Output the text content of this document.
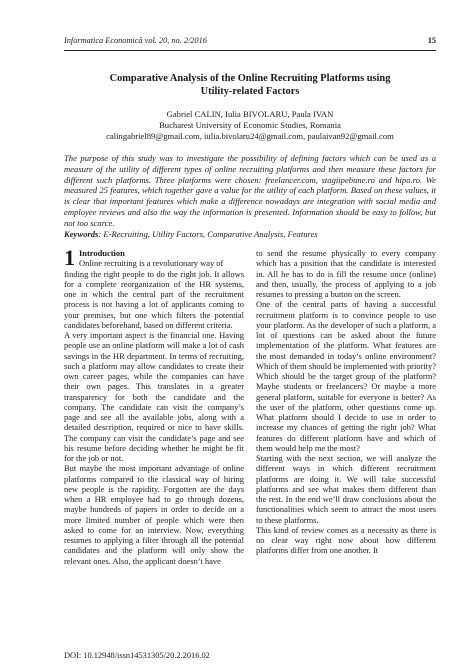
Informatica Economică vol. 20, no. 2/2016	15
Comparative Analysis of the Online Recruiting Platforms using
Utility-related Factors
Gabriel CALIN, Iulia BIVOLARU, Paula IVAN
Bucharest University of Economic Studies, Romania
calingabriel89@gmail.com, iulia.bivolaru24@gmail.com, paulaivan92@gmail.com

The purpose of this study was to investigate the possibility of defining factors which can be used as a measure of the utility of different types of online recruiting platforms and then measure these factors for different such platforms. Three platforms were chosen: freelancer.com, stagiipebune.ro and hipo.ro. We measured 25 features, which together gave a value for the utility of each platform. Based on these values, it is clear that important features which make a difference nowadays are integration with social media and employee reviews and also the way the information is presented. Information should be easy to follow, but not too scarce.

Keywords: E-Recruiting, Utility Factors, Comparative Analysis, Features

1 Introduction
Online recruiting is a revolutionary way of

finding the right people to do the right job. It allows for a complete reorganization of the HR systems, one in which the central part of the recruitment process is not having a lot of applicants coming to your premises, but one which filters the potential candidates beforehand, based on different criteria.

A very important aspect is the financial one. Having people use an online platform will make a lot of cash savings in the HR department. In terms of recruiting, such a platform may allow candidates to create their own career pages, while the companies can have their own pages. This translates in a greater transparency for both the candidate and the company. The candidate can visit the company’s page and see all the available jobs, along with a detailed description, required or nice to have skills. The company can visit the candidate’s page and see his resume before deciding whether he might be fit for the job or not.

But maybe the most important advantage of online platforms compared to the classical way of hiring new people is the rapidity. Forgotten are the days when a HR employee had to go through dozens, maybe hundreds of papers in order to decide on a more limited number of people which were then asked to come for an interview. Now, everything resumes to applying a filter through all the potential candidates and the platform will only show the relevant ones. Also, the applicant doesn’t have

to send the resume physically to every company which has a position that the candidate is interested in. All he has to do is fill the resume once (online) and then, usually, the process of applying to a job resumes to pressing a button on the screen.

One of the central parts of having a successful recruitment platform is to convince people to use your platform. As the developer of such a platform, a lot of questions can be asked about the future implementation of the platform. What features are the most demanded in today’s online environment? Which of them should be implemented with priority? Which should be the target group of the platform? Maybe students or freelancers? Or maybe a more general platform, suitable for everyone is better? As the user of the platform, other questions come up. What platform should I decide to use in order to increase my chances of getting the right job? What features do different platform have and which of them would help me the most?

Starting with the next section, we will analyze the different ways in which different recruitment platforms are doing it. We will take successful platforms and see what makes them different than the rest. In the end we’ll draw conclusions about the functionalities which seem to attract the most users to these platforms.

This kind of review comes as a necessity as there is no clear way right now about how different platforms differ from one another. It

DOI: 10.12948/issn14531305/20.2.2016.02
